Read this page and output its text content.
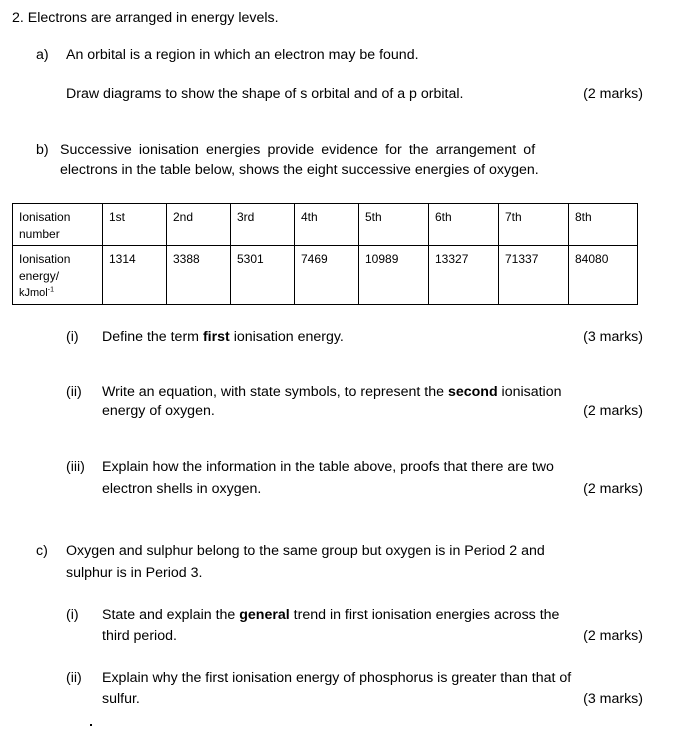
2. Electrons are arranged in energy levels.
a) An orbital is a region in which an electron may be found.
Draw diagrams to show the shape of s orbital and of a p orbital.	(2 marks)
b) Successive ionisation energies provide evidence for the arrangement of
electrons in the table below, shows the eight successive energies of oxygen.
Ionisation
number	1st	2nd	3rd	4th	5th	6th	7th	8th

Ionisation
energy/
kJmol$^{-1}$	1314	3388	5301	7469	10989	13327	71337	84080
(i) Define the term first ionisation energy.	(3 marks)
(ii) Write an equation, with state symbols, to represent the second ionisation
energy of oxygen.	(2 marks)
(iii) Explain how the information in the table above, proofs that there are two
electron shells in oxygen.	(2 marks)
c) Oxygen and sulphur belong to the same group but oxygen is in Period 2 and
sulphur is in Period 3.
(i) State and explain the general trend in first ionisation energies across the
third period.	(2 marks)
(ii) Explain why the first ionisation energy of phosphorus is greater than that of
sulfur.	(3 marks)
